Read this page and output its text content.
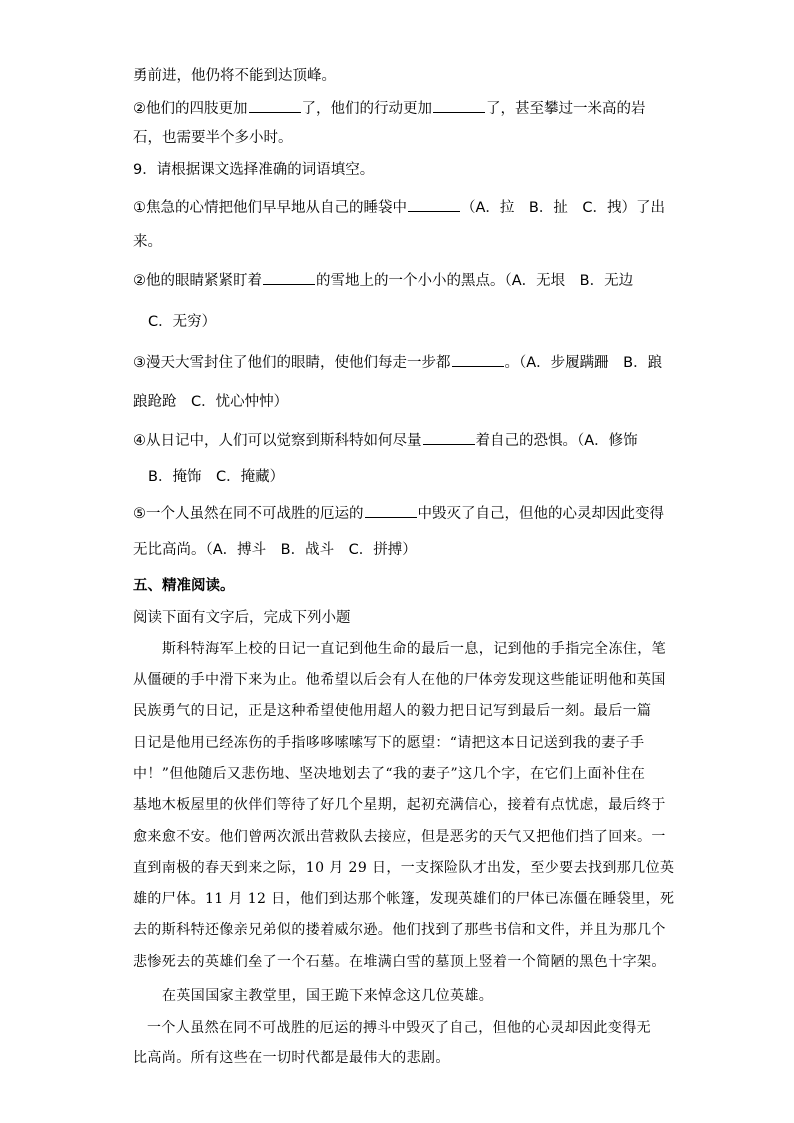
勇前进，他仍将不能到达顶峰。
②他们的四肢更加	了，他们的行动更加	了，甚至攀过一米高的岩
石，也需要半个多小时。
9．请根据课文选择准确的词语填空。
①焦急的心情把他们早早地从自己的睡袋中	（A．拉　B．扯　C．拽）了出
来。
②他的眼睛紧紧盯着	的雪地上的一个小小的黑点。（A．无垠　B．无边
C．无穷）
③漫天大雪封住了他们的眼睛，使他们每走一步都	。（A．步履蹒跚　B．踉
踉跄跄　C．忧心忡忡）
④从日记中，人们可以觉察到斯科特如何尽量	着自己的恐惧。（A．修饰
B．掩饰　C．掩藏）
⑤一个人虽然在同不可战胜的厄运的	中毁灭了自己，但他的心灵却因此变得
无比高尚。（A．搏斗　B．战斗　C．拼搏）
五、精准阅读。
阅读下面有文字后，完成下列小题
斯科特海军上校的日记一直记到他生命的最后一息，记到他的手指完全冻住，笔
从僵硬的手中滑下来为止。他希望以后会有人在他的尸体旁发现这些能证明他和英国
民族勇气的日记，正是这种希望使他用超人的毅力把日记写到最后一刻。最后一篇
日记是他用已经冻伤的手指哆哆嗦嗦写下的愿望：“请把这本日记送到我的妻子手
中！”但他随后又悲伤地、坚决地划去了“我的妻子”这几个字，在它们上面补住在
基地木板屋里的伙伴们等待了好几个星期，起初充满信心，接着有点忧虑，最后终于
愈来愈不安。他们曾两次派出营救队去接应，但是恶劣的天气又把他们挡了回来。一
直到南极的春天到来之际，10 月 29 日，一支探险队才出发，至少要去找到那几位英
雄的尸体。11 月 12 日，他们到达那个帐篷，发现英雄们的尸体已冻僵在睡袋里，死
去的斯科特还像亲兄弟似的搂着威尔逊。他们找到了那些书信和文件，并且为那几个
悲惨死去的英雄们垒了一个石墓。在堆满白雪的墓顶上竖着一个简陋的黑色十字架。
在英国国家主教堂里，国王跪下来悼念这几位英雄。
一个人虽然在同不可战胜的厄运的搏斗中毁灭了自己，但他的心灵却因此变得无
比高尚。所有这些在一切时代都是最伟大的悲剧。
